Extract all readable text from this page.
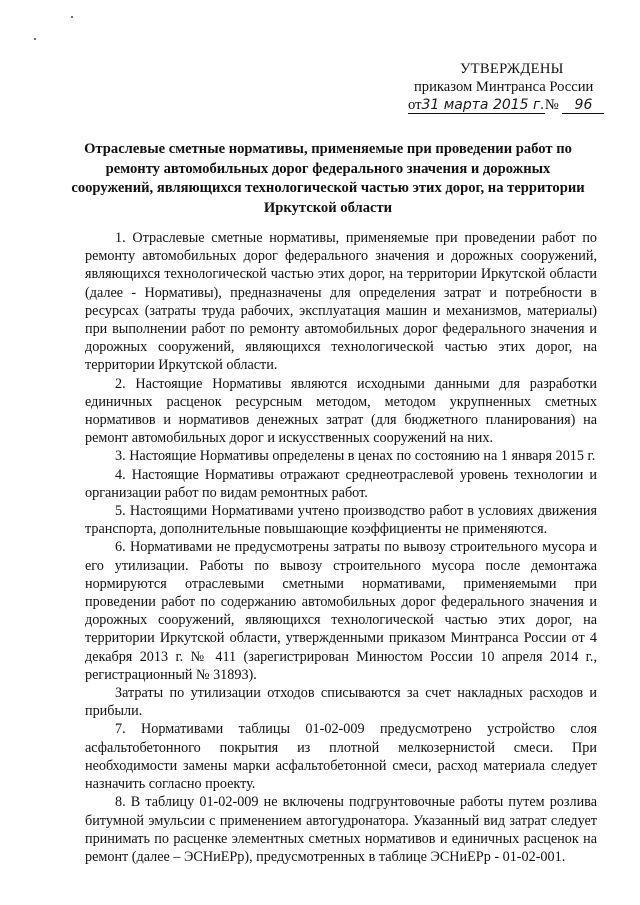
УТВЕРЖДЕНЫ
приказом Минтранса России
от31 марта 2015 г.№ 96
Отраслевые сметные нормативы, применяемые при проведении работ по ремонту автомобильных дорог федерального значения и дорожных сооружений, являющихся технологической частью этих дорог, на территории Иркутской области

1. Отраслевые сметные нормативы, применяемые при проведении работ по ремонту автомобильных дорог федерального значения и дорожных сооружений, являющихся технологической частью этих дорог, на территории Иркутской области (далее - Нормативы), предназначены для определения затрат и потребности в ресурсах (затраты труда рабочих, эксплуатация машин и механизмов, материалы) при выполнении работ по ремонту автомобильных дорог федерального значения и дорожных сооружений, являющихся технологической частью этих дорог, на территории Иркутской области.

2. Настоящие Нормативы являются исходными данными для разработки единичных расценок ресурсным методом, методом укрупненных сметных нормативов и нормативов денежных затрат (для бюджетного планирования) на ремонт автомобильных дорог и искусственных сооружений на них.

3. Настоящие Нормативы определены в ценах по состоянию на 1 января 2015 г.

4. Настоящие Нормативы отражают среднеотраслевой уровень технологии и организации работ по видам ремонтных работ.

5. Настоящими Нормативами учтено производство работ в условиях движения транспорта, дополнительные повышающие коэффициенты не применяются.

6. Нормативами не предусмотрены затраты по вывозу строительного мусора и его утилизации. Работы по вывозу строительного мусора после демонтажа нормируются отраслевыми сметными нормативами, применяемыми при проведении работ по содержанию автомобильных дорог федерального значения и дорожных сооружений, являющихся технологической частью этих дорог, на территории Иркутской области, утвержденными приказом Минтранса России от 4 декабря 2013 г. № 411 (зарегистрирован Минюстом России 10 апреля 2014 г., регистрационный № 31893).

Затраты по утилизации отходов списываются за счет накладных расходов и прибыли.

7. Нормативами таблицы 01-02-009 предусмотрено устройство слоя асфальтобетонного покрытия из плотной мелкозернистой смеси. При необходимости замены марки асфальтобетонной смеси, расход материала следует назначить согласно проекту.

8. В таблицу 01-02-009 не включены подгрунтовочные работы путем розлива битумной эмульсии с применением автогудронатора. Указанный вид затрат следует принимать по расценке элементных сметных нормативов и единичных расценок на ремонт (далее – ЭСНиЕРр), предусмотренных в таблице ЭСНиЕРр - 01-02-001.
